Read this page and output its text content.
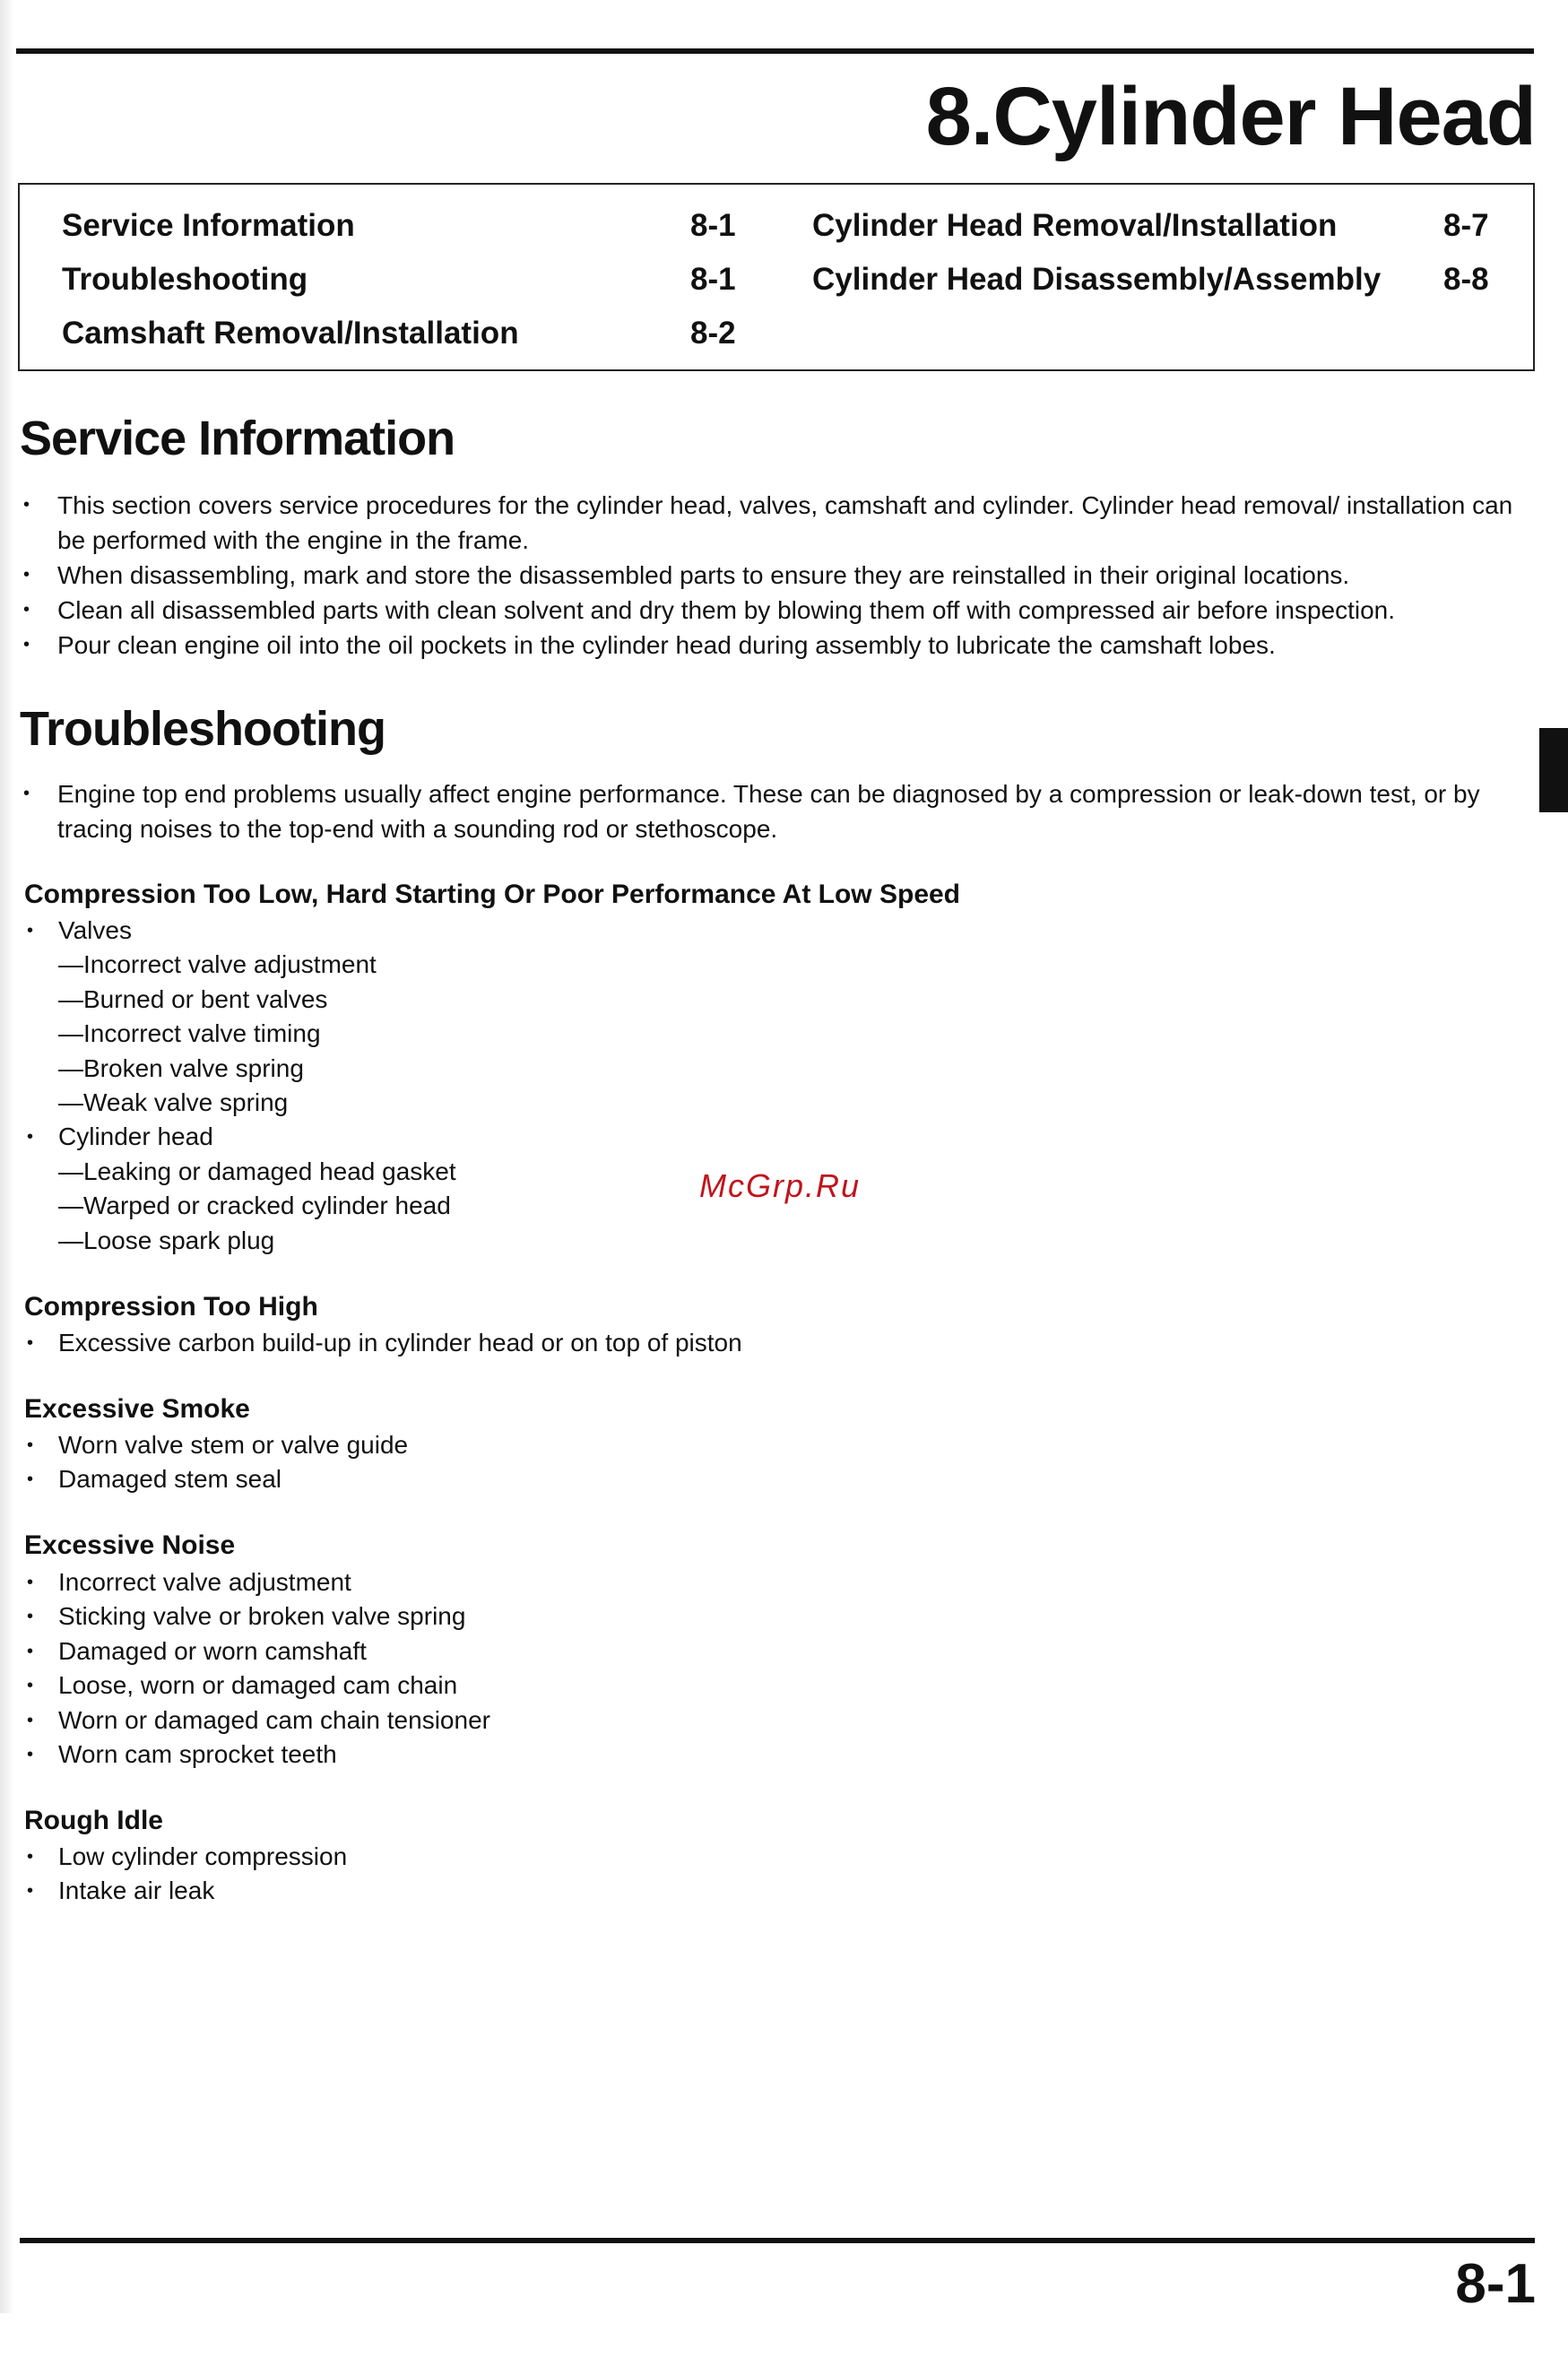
8.Cylinder Head
Service Information	8-1
Troubleshooting	8-1
Camshaft Removal/Installation	8-2
Cylinder Head Removal/Installation	8-7
Cylinder Head Disassembly/Assembly 8-8
Service Information
• This section covers service procedures for the cylinder head, valves, camshaft and cylinder. Cylinder head removal/ installation can be performed with the engine in the frame.
• When disassembling, mark and store the disassembled parts to ensure they are reinstalled in their original locations.
• Clean all disassembled parts with clean solvent and dry them by blowing them off with compressed air before inspection.
• Pour clean engine oil into the oil pockets in the cylinder head during assembly to lubricate the camshaft lobes.
Troubleshooting
• Engine top end problems usually affect engine performance. These can be diagnosed by a compression or leak-down test, or by tracing noises to the top-end with a sounding rod or stethoscope.

Compression Too Low, Hard Starting Or Poor Performance At Low Speed

• Valves
—Incorrect valve adjustment
—Burned or bent valves
—Incorrect valve timing
—Broken valve spring
—Weak valve spring
• Cylinder head
—Leaking or damaged head gasket
—Warped or cracked cylinder head
—Loose spark plug
McGrp.Ru

Compression Too High

• Excessive carbon build-up in cylinder head or on top of piston

Excessive Smoke

• Worn valve stem or valve guide
• Damaged stem seal

Excessive Noise

• Incorrect valve adjustment
• Sticking valve or broken valve spring
• Damaged or worn camshaft
• Loose, worn or damaged cam chain
• Worn or damaged cam chain tensioner
• Worn cam sprocket teeth

Rough Idle

• Low cylinder compression
• Intake air leak
8-1
